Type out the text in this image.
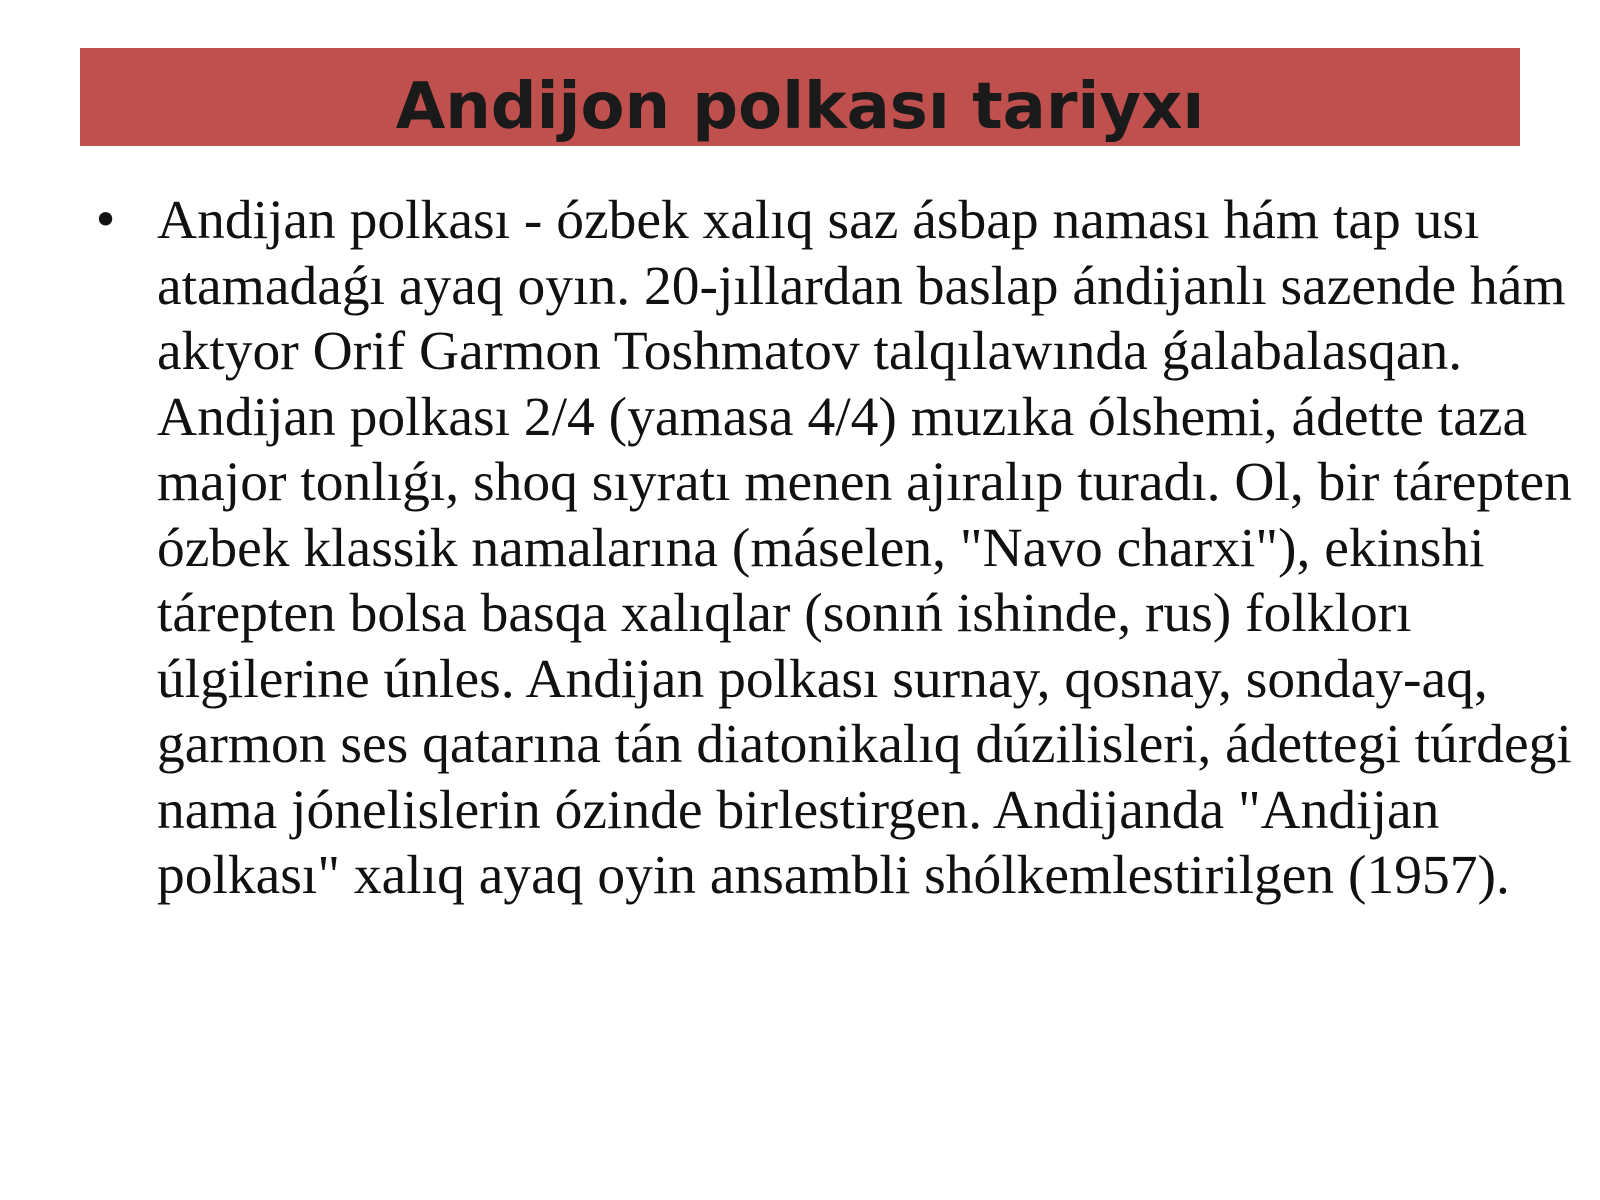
Andijon polkası tariyxı
• Andijan polkası - ózbek xalıq saz ásbap naması hám tap usı atamadaǵı ayaq oyın. 20-jıllardan baslap ándijanlı sazende hám aktyor Orif Garmon Toshmatov talqılawında ǵalabalasqan. Andijan polkası 2/4 (yamasa 4/4) muzıka ólshemi, ádette taza major tonlıǵı, shoq sıyratı menen ajıralıp turadı. Ol, bir tárepten ózbek klassik namalarına (máselen, "Navo charxi"), ekinshi tárepten bolsa basqa xalıqlar (sonıń ishinde, rus) folklorı úlgilerine únles. Andijan polkası surnay, qosnay, sonday-aq, garmon ses qatarına tán diatonikalıq dúzilisleri, ádettegi túrdegi nama jónelislerin ózinde birlestirgen. Andijanda "Andijan polkası" xalıq ayaq oyin ansambli shólkemlestirilgen (1957).
